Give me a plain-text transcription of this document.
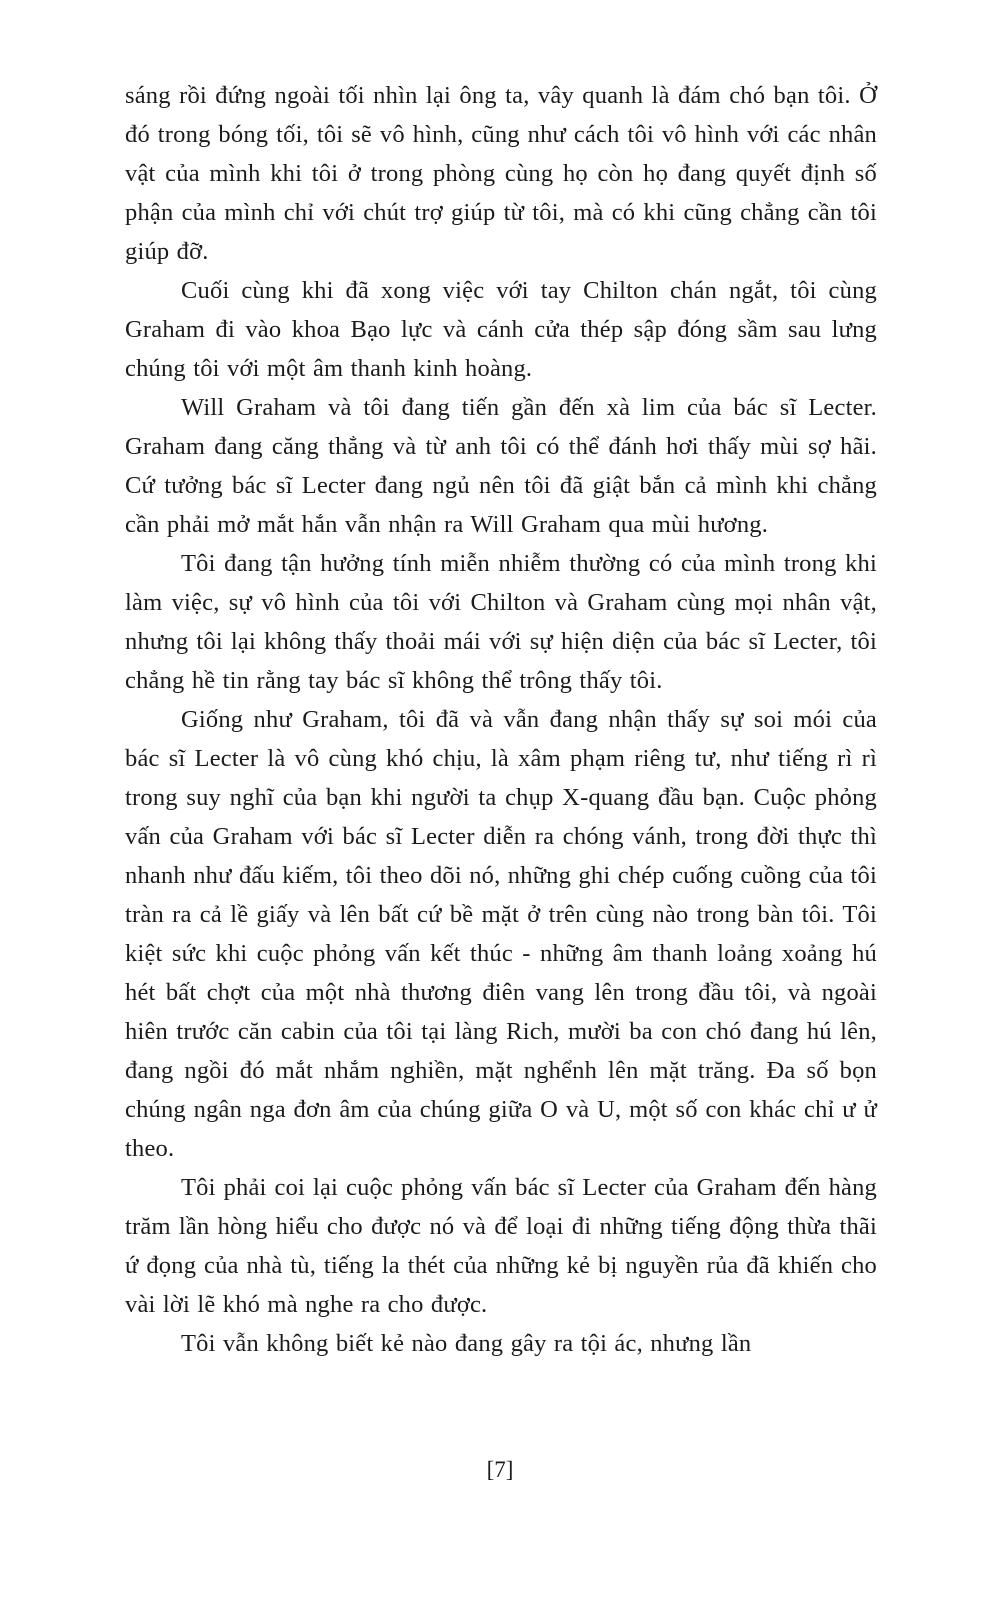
sáng rồi đứng ngoài tối nhìn lại ông ta, vây quanh là đám chó bạn tôi. Ở đó trong bóng tối, tôi sẽ vô hình, cũng như cách tôi vô hình với các nhân vật của mình khi tôi ở trong phòng cùng họ còn họ đang quyết định số phận của mình chỉ với chút trợ giúp từ tôi, mà có khi cũng chẳng cần tôi giúp đỡ.

Cuối cùng khi đã xong việc với tay Chilton chán ngắt, tôi cùng Graham đi vào khoa Bạo lực và cánh cửa thép sập đóng sầm sau lưng chúng tôi với một âm thanh kinh hoàng.

Will Graham và tôi đang tiến gần đến xà lim của bác sĩ Lecter. Graham đang căng thẳng và từ anh tôi có thể đánh hơi thấy mùi sợ hãi. Cứ tưởng bác sĩ Lecter đang ngủ nên tôi đã giật bắn cả mình khi chẳng cần phải mở mắt hắn vẫn nhận ra Will Graham qua mùi hương.

Tôi đang tận hưởng tính miễn nhiễm thường có của mình trong khi làm việc, sự vô hình của tôi với Chilton và Graham cùng mọi nhân vật, nhưng tôi lại không thấy thoải mái với sự hiện diện của bác sĩ Lecter, tôi chẳng hề tin rằng tay bác sĩ không thể trông thấy tôi.

Giống như Graham, tôi đã và vẫn đang nhận thấy sự soi mói của bác sĩ Lecter là vô cùng khó chịu, là xâm phạm riêng tư, như tiếng rì rì trong suy nghĩ của bạn khi người ta chụp X-quang đầu bạn. Cuộc phỏng vấn của Graham với bác sĩ Lecter diễn ra chóng vánh, trong đời thực thì nhanh như đấu kiếm, tôi theo dõi nó, những ghi chép cuống cuồng của tôi tràn ra cả lề giấy và lên bất cứ bề mặt ở trên cùng nào trong bàn tôi. Tôi kiệt sức khi cuộc phỏng vấn kết thúc - những âm thanh loảng xoảng hú hét bất chợt của một nhà thương điên vang lên trong đầu tôi, và ngoài hiên trước căn cabin của tôi tại làng Rich, mười ba con chó đang hú lên, đang ngồi đó mắt nhắm nghiền, mặt nghểnh lên mặt trăng. Đa số bọn chúng ngân nga đơn âm của chúng giữa O và U, một số con khác chỉ ư ử theo.

Tôi phải coi lại cuộc phỏng vấn bác sĩ Lecter của Graham đến hàng trăm lần hòng hiểu cho được nó và để loại đi những tiếng động thừa thãi ứ đọng của nhà tù, tiếng la thét của những kẻ bị nguyền rủa đã khiến cho vài lời lẽ khó mà nghe ra cho được.

Tôi vẫn không biết kẻ nào đang gây ra tội ác, nhưng lần

[7]
